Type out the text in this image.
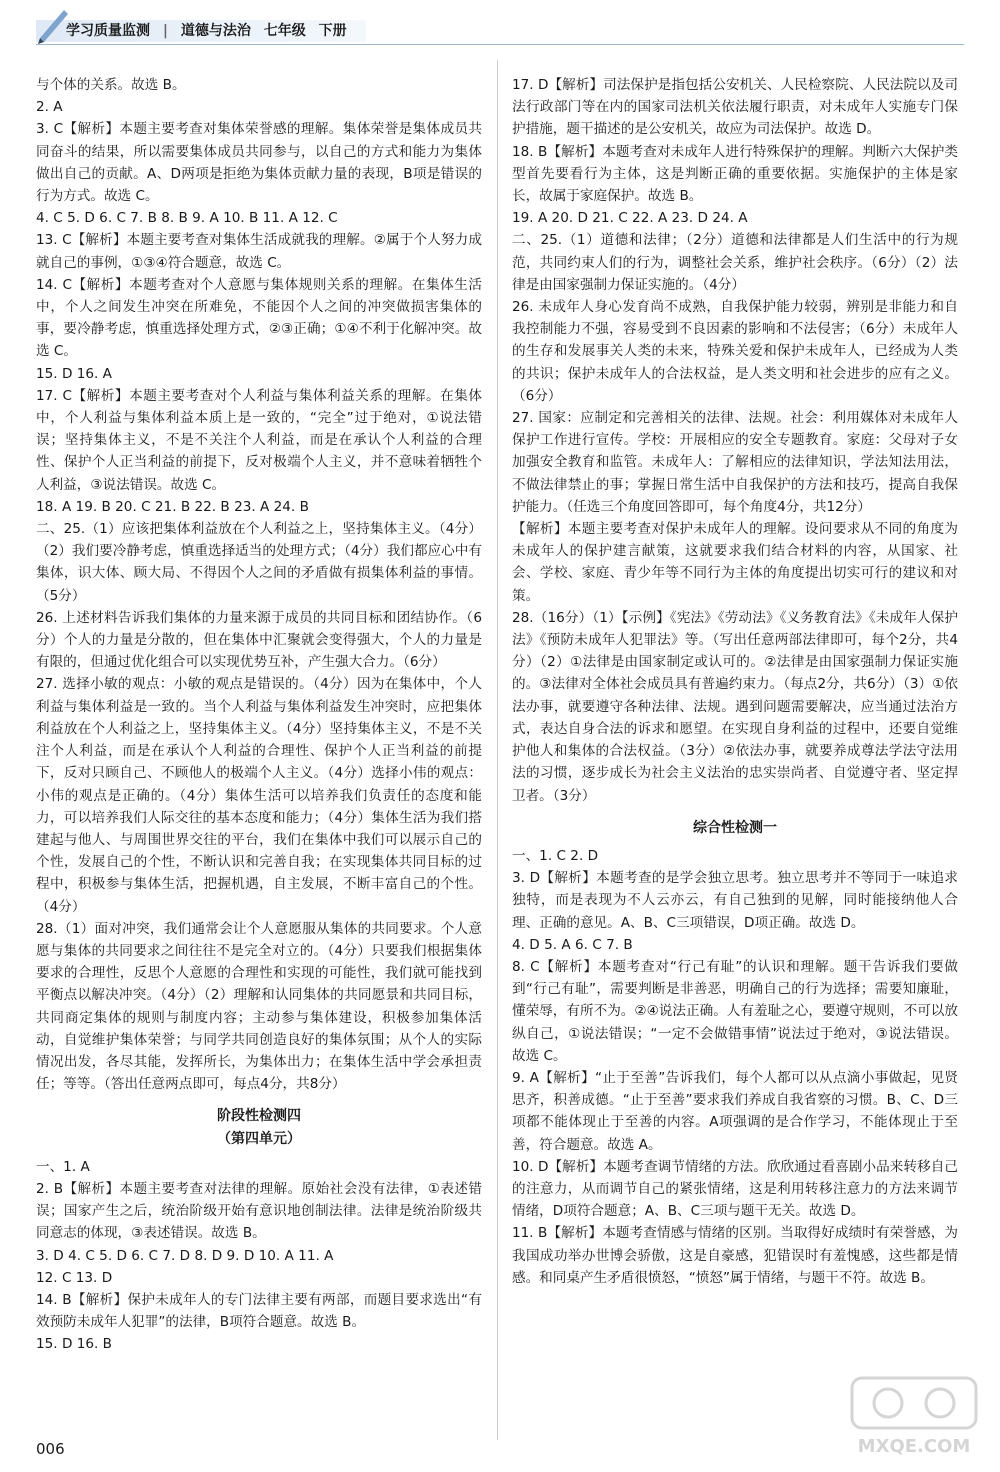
学习质量监测 | 道德与法治 七年级 下册

与个体的关系。故选 B。

2. A

3. C【解析】本题主要考查对集体荣誉感的理解。集体荣誉是集体成员共同奋斗的结果，所以需要集体成员共同参与，以自己的方式和能力为集体做出自己的贡献。A、D两项是拒绝为集体贡献力量的表现，B项是错误的行为方式。故选 C。

4. C 5. D 6. C 7. B 8. B 9. A 10. B 11. A 12. C

13. C【解析】本题主要考查对集体生活成就我的理解。②属于个人努力成就自己的事例，①③④符合题意，故选 C。

14. C【解析】本题考查对个人意愿与集体规则关系的理解。在集体生活中，个人之间发生冲突在所难免，不能因个人之间的冲突做损害集体的事，要冷静考虑，慎重选择处理方式，②③正确；①④不利于化解冲突。故选 C。

15. D 16. A

17. C【解析】本题主要考查对个人利益与集体利益关系的理解。在集体中，个人利益与集体利益本质上是一致的，“完全”过于绝对，①说法错误；坚持集体主义，不是不关注个人利益，而是在承认个人利益的合理性、保护个人正当利益的前提下，反对极端个人主义，并不意味着牺牲个人利益，③说法错误。故选 C。

18. A 19. B 20. C 21. B 22. B 23. A 24. B

二、25.（1）应该把集体利益放在个人利益之上，坚持集体主义。（4分）（2）我们要冷静考虑，慎重选择适当的处理方式；（4分）我们都应心中有集体，识大体、顾大局、不得因个人之间的矛盾做有损集体利益的事情。（5分）

26. 上述材料告诉我们集体的力量来源于成员的共同目标和团结协作。（6分）个人的力量是分散的，但在集体中汇聚就会变得强大，个人的力量是有限的，但通过优化组合可以实现优势互补，产生强大合力。（6分）

27. 选择小敏的观点：小敏的观点是错误的。（4分）因为在集体中，个人利益与集体利益是一致的。当个人利益与集体利益发生冲突时，应把集体利益放在个人利益之上，坚持集体主义。（4分）坚持集体主义，不是不关注个人利益，而是在承认个人利益的合理性、保护个人正当利益的前提下，反对只顾自己、不顾他人的极端个人主义。（4分）选择小伟的观点：小伟的观点是正确的。（4分）集体生活可以培养我们负责任的态度和能力，可以培养我们人际交往的基本态度和能力；（4分）集体生活为我们搭建起与他人、与周围世界交往的平台，我们在集体中我们可以展示自己的个性，发展自己的个性，不断认识和完善自我；在实现集体共同目标的过程中，积极参与集体生活，把握机遇，自主发展，不断丰富自己的个性。（4分）

28.（1）面对冲突，我们通常会让个人意愿服从集体的共同要求。个人意愿与集体的共同要求之间往往不是完全对立的。（4分）只要我们根据集体要求的合理性，反思个人意愿的合理性和实现的可能性，我们就可能找到平衡点以解决冲突。（4分）（2）理解和认同集体的共同愿景和共同目标，共同商定集体的规则与制度内容；主动参与集体建设，积极参加集体活动，自觉维护集体荣誉；与同学共同创造良好的集体氛围；从个人的实际情况出发，各尽其能，发挥所长，为集体出力；在集体生活中学会承担责任；等等。（答出任意两点即可，每点4分，共8分）

阶段性检测四
（第四单元）

一、1. A

2. B【解析】本题主要考查对法律的理解。原始社会没有法律，①表述错误；国家产生之后，统治阶级开始有意识地创制法律。法律是统治阶级共同意志的体现，③表述错误。故选 B。

3. D 4. C 5. D 6. C 7. D 8. D 9. D 10. A 11. A

12. C 13. D

14. B【解析】保护未成年人的专门法律主要有两部，而题目要求选出“有效预防未成年人犯罪”的法律，B项符合题意。故选 B。

15. D 16. B

17. D【解析】司法保护是指包括公安机关、人民检察院、人民法院以及司法行政部门等在内的国家司法机关依法履行职责，对未成年人实施专门保护措施，题干描述的是公安机关，故应为司法保护。故选 D。

18. B【解析】本题考查对未成年人进行特殊保护的理解。判断六大保护类型首先要看行为主体，这是判断正确的重要依据。实施保护的主体是家长，故属于家庭保护。故选 B。

19. A 20. D 21. C 22. A 23. D 24. A

二、25.（1）道德和法律；（2分）道德和法律都是人们生活中的行为规范，共同约束人们的行为，调整社会关系，维护社会秩序。（6分）（2）法律是由国家强制力保证实施的。（4分）

26. 未成年人身心发育尚不成熟，自我保护能力较弱，辨别是非能力和自我控制能力不强，容易受到不良因素的影响和不法侵害；（6分）未成年人的生存和发展事关人类的未来，特殊关爱和保护未成年人，已经成为人类的共识；保护未成年人的合法权益，是人类文明和社会进步的应有之义。（6分）

27. 国家：应制定和完善相关的法律、法规。社会：利用媒体对未成年人保护工作进行宣传。学校：开展相应的安全专题教育。家庭：父母对子女加强安全教育和监管。未成年人：了解相应的法律知识，学法知法用法，不做法律禁止的事；掌握日常生活中自我保护的方法和技巧，提高自我保护能力。（任选三个角度回答即可，每个角度4分，共12分）

【解析】本题主要考查对保护未成年人的理解。设问要求从不同的角度为未成年人的保护建言献策，这就要求我们结合材料的内容，从国家、社会、学校、家庭、青少年等不同行为主体的角度提出切实可行的建议和对策。

28.（16分）（1）【示例】《宪法》《劳动法》《义务教育法》《未成年人保护法》《预防未成年人犯罪法》等。（写出任意两部法律即可，每个2分，共4分）（2）①法律是由国家制定或认可的。②法律是由国家强制力保证实施的。③法律对全体社会成员具有普遍约束力。（每点2分，共6分）（3）①依法办事，就要遵守各种法律、法规。遇到问题需要解决，应当通过法治方式，表达自身合法的诉求和愿望。在实现自身利益的过程中，还要自觉维护他人和集体的合法权益。（3分）②依法办事，就要养成尊法学法守法用法的习惯，逐步成长为社会主义法治的忠实崇尚者、自觉遵守者、坚定捍卫者。（3分）

综合性检测一

一、1. C 2. D

3. D【解析】本题考查的是学会独立思考。独立思考并不等同于一味追求独特，而是表现为不人云亦云，有自己独到的见解，同时能接纳他人合理、正确的意见。A、B、C三项错误，D项正确。故选 D。

4. D 5. A 6. C 7. B

8. C【解析】本题考查对“行己有耻”的认识和理解。题干告诉我们要做到“行己有耻”，需要判断是非善恶，明确自己的行为选择；需要知廉耻，懂荣辱，有所不为。②④说法正确。人有羞耻之心，要遵守规则，不可以放纵自己，①说法错误；“一定不会做错事情”说法过于绝对，③说法错误。故选 C。

9. A【解析】“止于至善”告诉我们，每个人都可以从点滴小事做起，见贤思齐，积善成德。“止于至善”要求我们养成自我省察的习惯。B、C、D三项都不能体现止于至善的内容。A项强调的是合作学习，不能体现止于至善，符合题意。故选 A。

10. D【解析】本题考查调节情绪的方法。欣欣通过看喜剧小品来转移自己的注意力，从而调节自己的紧张情绪，这是利用转移注意力的方法来调节情绪，D项符合题意；A、B、C三项与题干无关。故选 D。

11. B【解析】本题考查情感与情绪的区别。当取得好成绩时有荣誉感，为我国成功举办世博会骄傲，这是自豪感，犯错误时有羞愧感，这些都是情感。和同桌产生矛盾很愤怒，“愤怒”属于情绪，与题干不符。故选 B。

006	MXQE.COM
